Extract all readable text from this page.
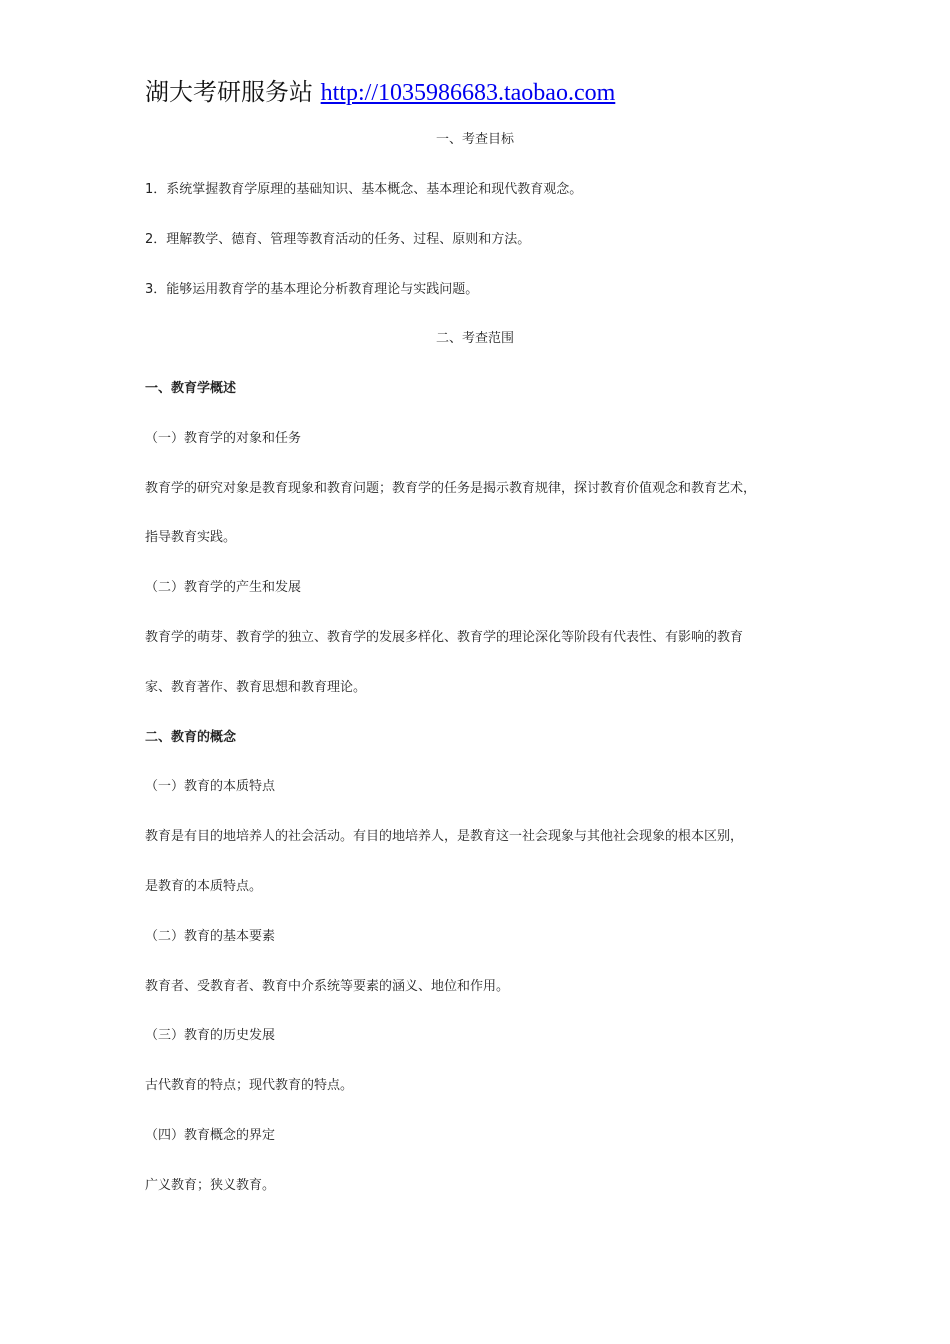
湖大考研服务站 http://1035986683.taobao.com
一、考查目标
1．系统掌握教育学原理的基础知识、基本概念、基本理论和现代教育观念。
2．理解教学、德育、管理等教育活动的任务、过程、原则和方法。
3．能够运用教育学的基本理论分析教育理论与实践问题。
二、考查范围
一、教育学概述
（一）教育学的对象和任务
教育学的研究对象是教育现象和教育问题；教育学的任务是揭示教育规律，探讨教育价值观念和教育艺术，
指导教育实践。
（二）教育学的产生和发展
教育学的萌芽、教育学的独立、教育学的发展多样化、教育学的理论深化等阶段有代表性、有影响的教育
家、教育著作、教育思想和教育理论。
二、教育的概念
（一）教育的本质特点
教育是有目的地培养人的社会活动。有目的地培养人，是教育这一社会现象与其他社会现象的根本区别，
是教育的本质特点。
（二）教育的基本要素
教育者、受教育者、教育中介系统等要素的涵义、地位和作用。
（三）教育的历史发展
古代教育的特点；现代教育的特点。
（四）教育概念的界定
广义教育；狭义教育。
